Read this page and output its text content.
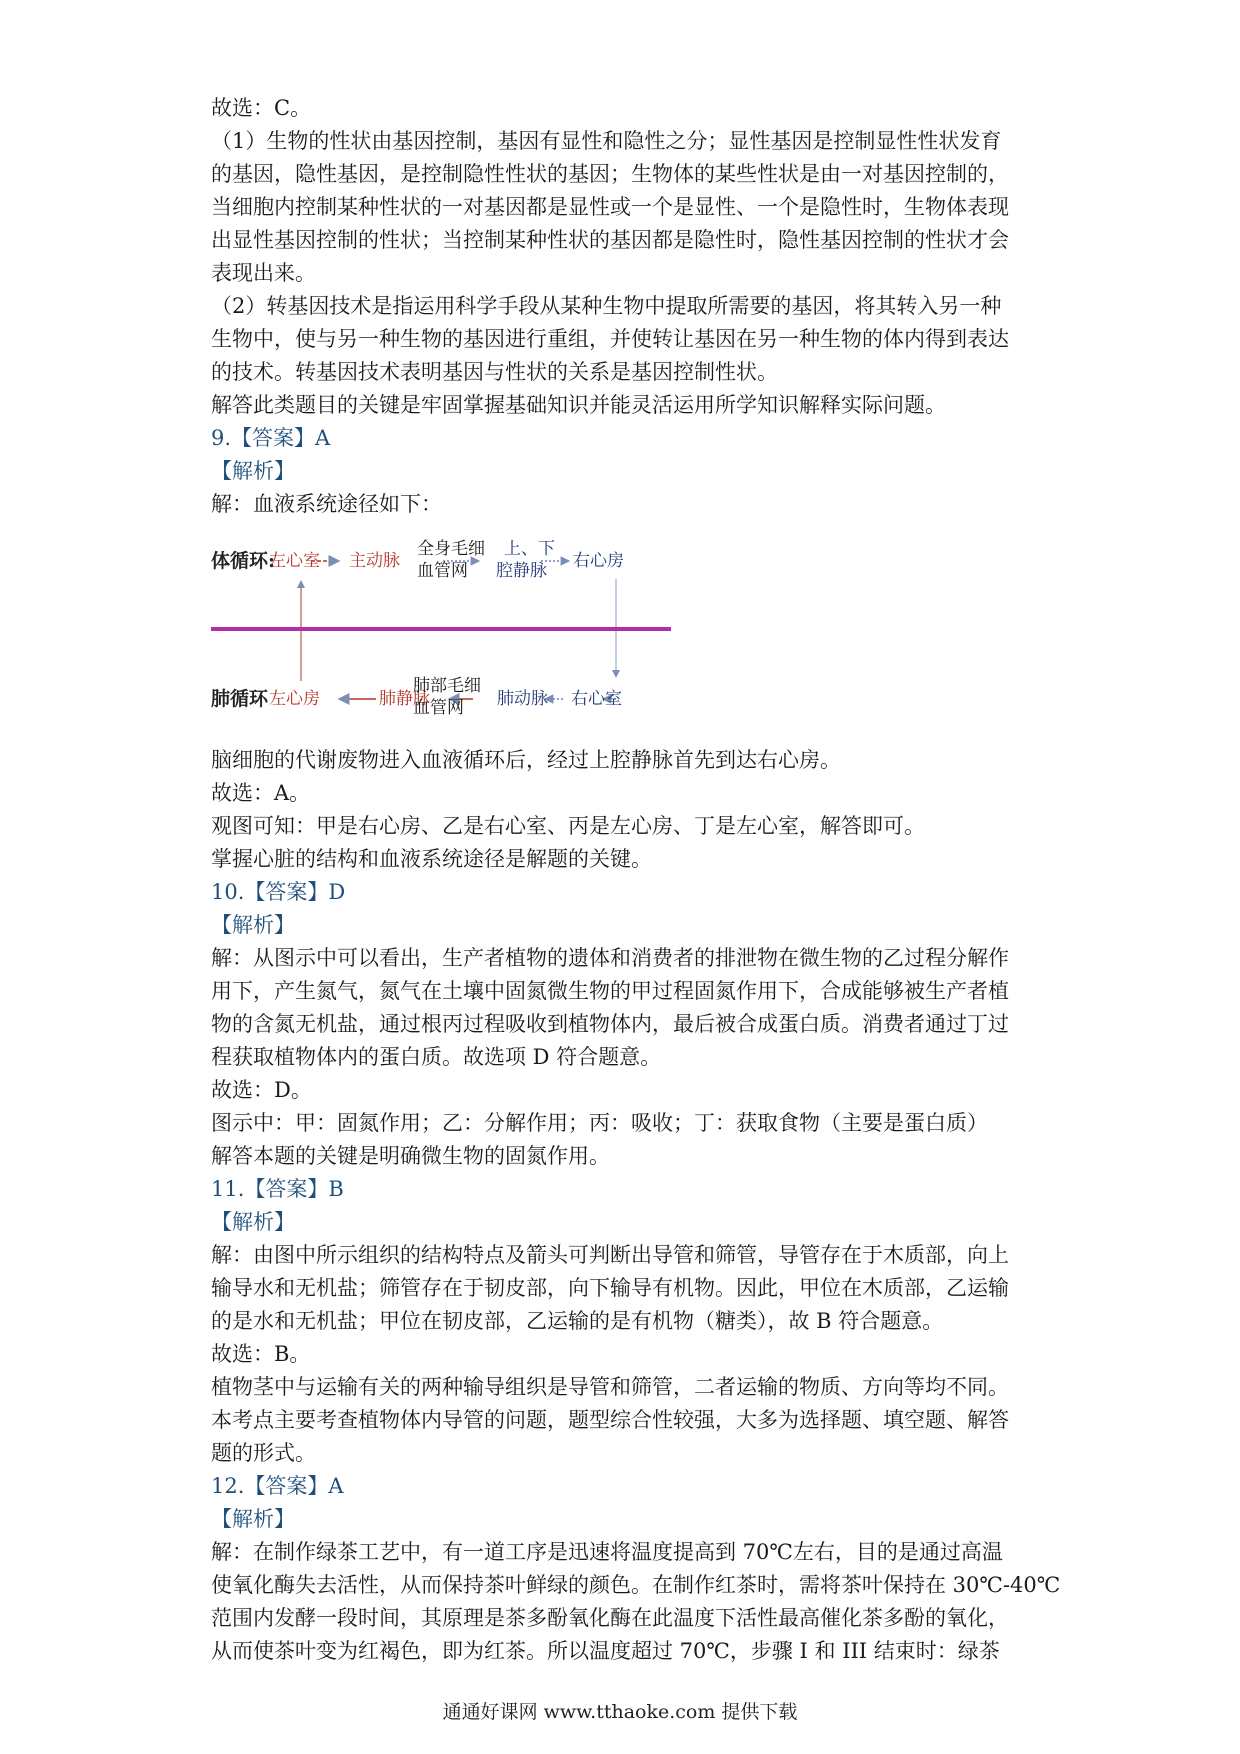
故选：C。
（1）生物的性状由基因控制，基因有显性和隐性之分；显性基因是控制显性性状发育
的基因，隐性基因，是控制隐性性状的基因；生物体的某些性状是由一对基因控制的，
当细胞内控制某种性状的一对基因都是显性或一个是显性、一个是隐性时，生物体表现
出显性基因控制的性状；当控制某种性状的基因都是隐性时，隐性基因控制的性状才会
表现出来。
（2）转基因技术是指运用科学手段从某种生物中提取所需要的基因，将其转入另一种
生物中，使与另一种生物的基因进行重组，并使转让基因在另一种生物的体内得到表达
的技术。转基因技术表明基因与性状的关系是基因控制性状。
解答此类题目的关键是牢固掌握基础知识并能灵活运用所学知识解释实际问题。
9.【答案】A
【解析】
解：血液系统途径如下：
体循环:
左心室 主动脉
全身毛细
血管网
上、下
腔静脉 右心房
肺循环 左心房	肺静脉
肺部毛细
血管网 肺动脉 右心室
脑细胞的代谢废物进入血液循环后，经过上腔静脉首先到达右心房。
故选：A。
观图可知：甲是右心房、乙是右心室、丙是左心房、丁是左心室，解答即可。
掌握心脏的结构和血液系统途径是解题的关键。
10.【答案】D
【解析】
解：从图示中可以看出，生产者植物的遗体和消费者的排泄物在微生物的乙过程分解作
用下，产生氮气，氮气在土壤中固氮微生物的甲过程固氮作用下，合成能够被生产者植
物的含氮无机盐，通过根丙过程吸收到植物体内，最后被合成蛋白质。消费者通过丁过
程获取植物体内的蛋白质。故选项 D 符合题意。
故选：D。
图示中：甲：固氮作用；乙：分解作用；丙：吸收；丁：获取食物（主要是蛋白质）
解答本题的关键是明确微生物的固氮作用。
11.【答案】B
【解析】
解：由图中所示组织的结构特点及箭头可判断出导管和筛管，导管存在于木质部，向上
输导水和无机盐；筛管存在于韧皮部，向下输导有机物。因此，甲位在木质部，乙运输
的是水和无机盐；甲位在韧皮部，乙运输的是有机物（糖类），故 B 符合题意。
故选：B。
植物茎中与运输有关的两种输导组织是导管和筛管，二者运输的物质、方向等均不同。
本考点主要考查植物体内导管的问题，题型综合性较强，大多为选择题、填空题、解答
题的形式。
12.【答案】A
【解析】
解：在制作绿茶工艺中，有一道工序是迅速将温度提高到 70℃左右，目的是通过高温
使氧化酶失去活性，从而保持茶叶鲜绿的颜色。在制作红茶时，需将茶叶保持在 30℃-40℃
范围内发酵一段时间，其原理是茶多酚氧化酶在此温度下活性最高催化茶多酚的氧化，
从而使茶叶变为红褐色，即为红茶。所以温度超过 70℃，步骤 I 和 III 结束时：绿茶
通通好课网 www.tthaoke.com 提供下载
